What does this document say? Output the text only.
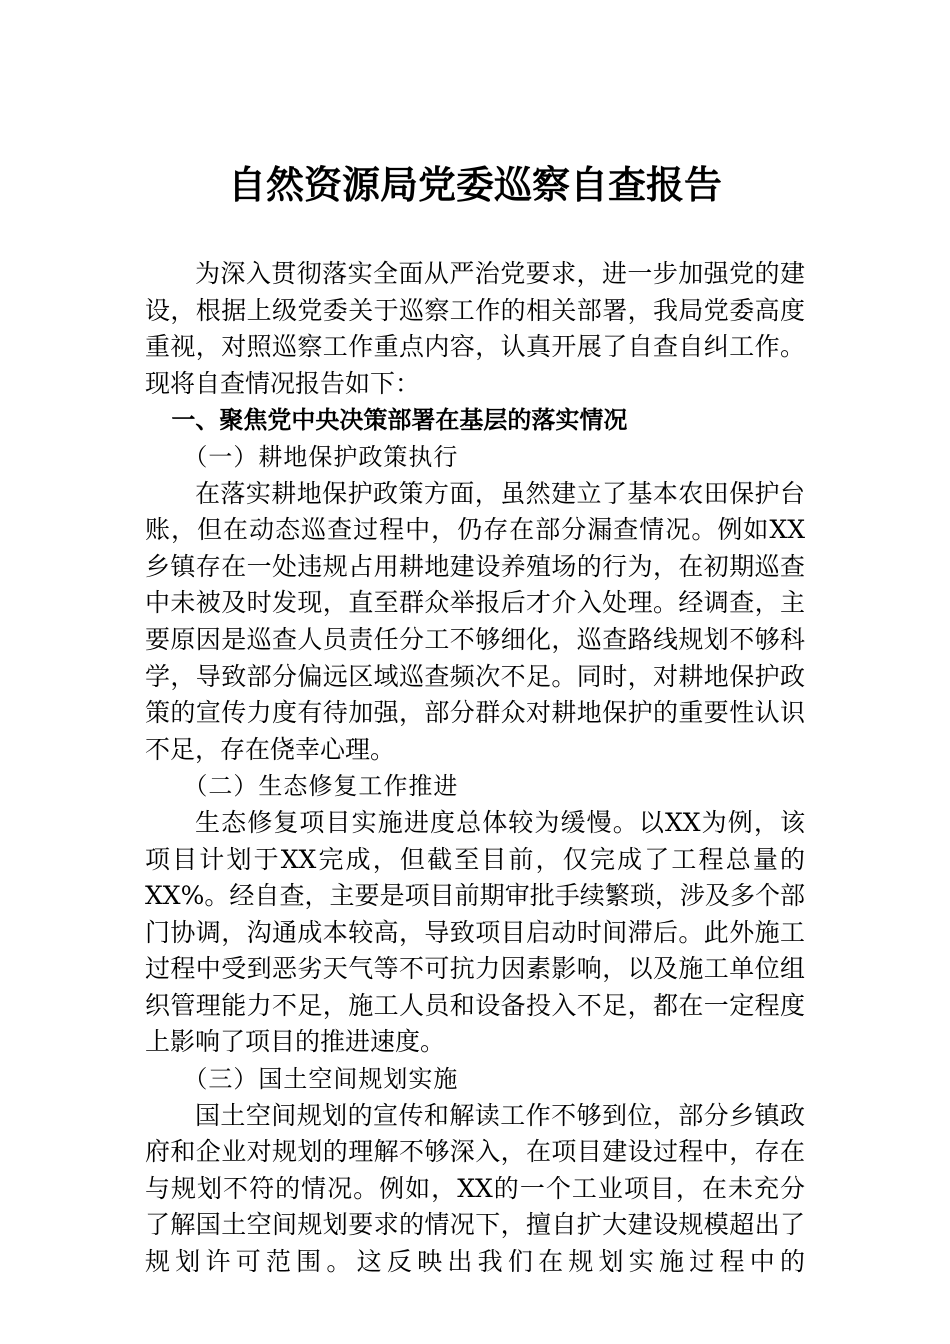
自然资源局党委巡察自查报告

为深入贯彻落实全面从严治党要求，进一步加强党的建设，根据上级党委关于巡察工作的相关部署，我局党委高度重视，对照巡察工作重点内容，认真开展了自查自纠工作。现将自查情况报告如下：

一、聚焦党中央决策部署在基层的落实情况

（一）耕地保护政策执行

在落实耕地保护政策方面，虽然建立了基本农田保护台账，但在动态巡查过程中，仍存在部分漏查情况。例如XX乡镇存在一处违规占用耕地建设养殖场的行为，在初期巡查中未被及时发现，直至群众举报后才介入处理。经调查，主要原因是巡查人员责任分工不够细化，巡查路线规划不够科学，导致部分偏远区域巡查频次不足。同时，对耕地保护政策的宣传力度有待加强，部分群众对耕地保护的重要性认识不足，存在侥幸心理。

（二）生态修复工作推进

生态修复项目实施进度总体较为缓慢。以XX为例，该项目计划于XX完成，但截至目前，仅完成了工程总量的XX%。经自查，主要是项目前期审批手续繁琐，涉及多个部门协调，沟通成本较高，导致项目启动时间滞后。此外施工过程中受到恶劣天气等不可抗力因素影响，以及施工单位组织管理能力不足，施工人员和设备投入不足，都在一定程度上影响了项目的推进速度。

（三）国土空间规划实施

国土空间规划的宣传和解读工作不够到位，部分乡镇政府和企业对规划的理解不够深入，在项目建设过程中，存在与规划不符的情况。例如，XX的一个工业项目，在未充分了解国土空间规划要求的情况下，擅自扩大建设规模超出了规划许可范围。这反映出我们在规划实施过程中的
